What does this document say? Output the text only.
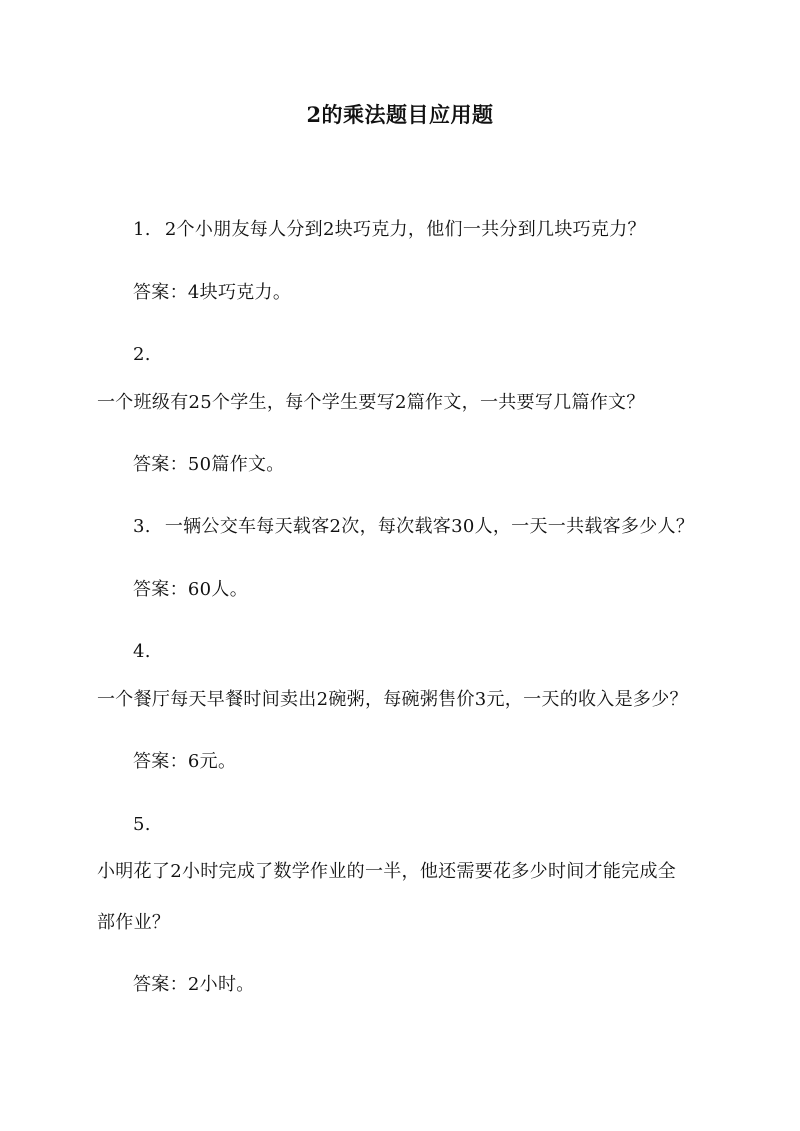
2的乘法题目应用题
1. 2个小朋友每人分到2块巧克力，他们一共分到几块巧克力？
答案：4块巧克力。
2.
一个班级有25个学生，每个学生要写2篇作文，一共要写几篇作文？
答案：50篇作文。
3. 一辆公交车每天载客2次，每次载客30人，一天一共载客多少人？
答案：60人。
4.
一个餐厅每天早餐时间卖出2碗粥，每碗粥售价3元，一天的收入是多少？
答案：6元。
5.
小明花了2小时完成了数学作业的一半，他还需要花多少时间才能完成全
部作业？
答案：2小时。
